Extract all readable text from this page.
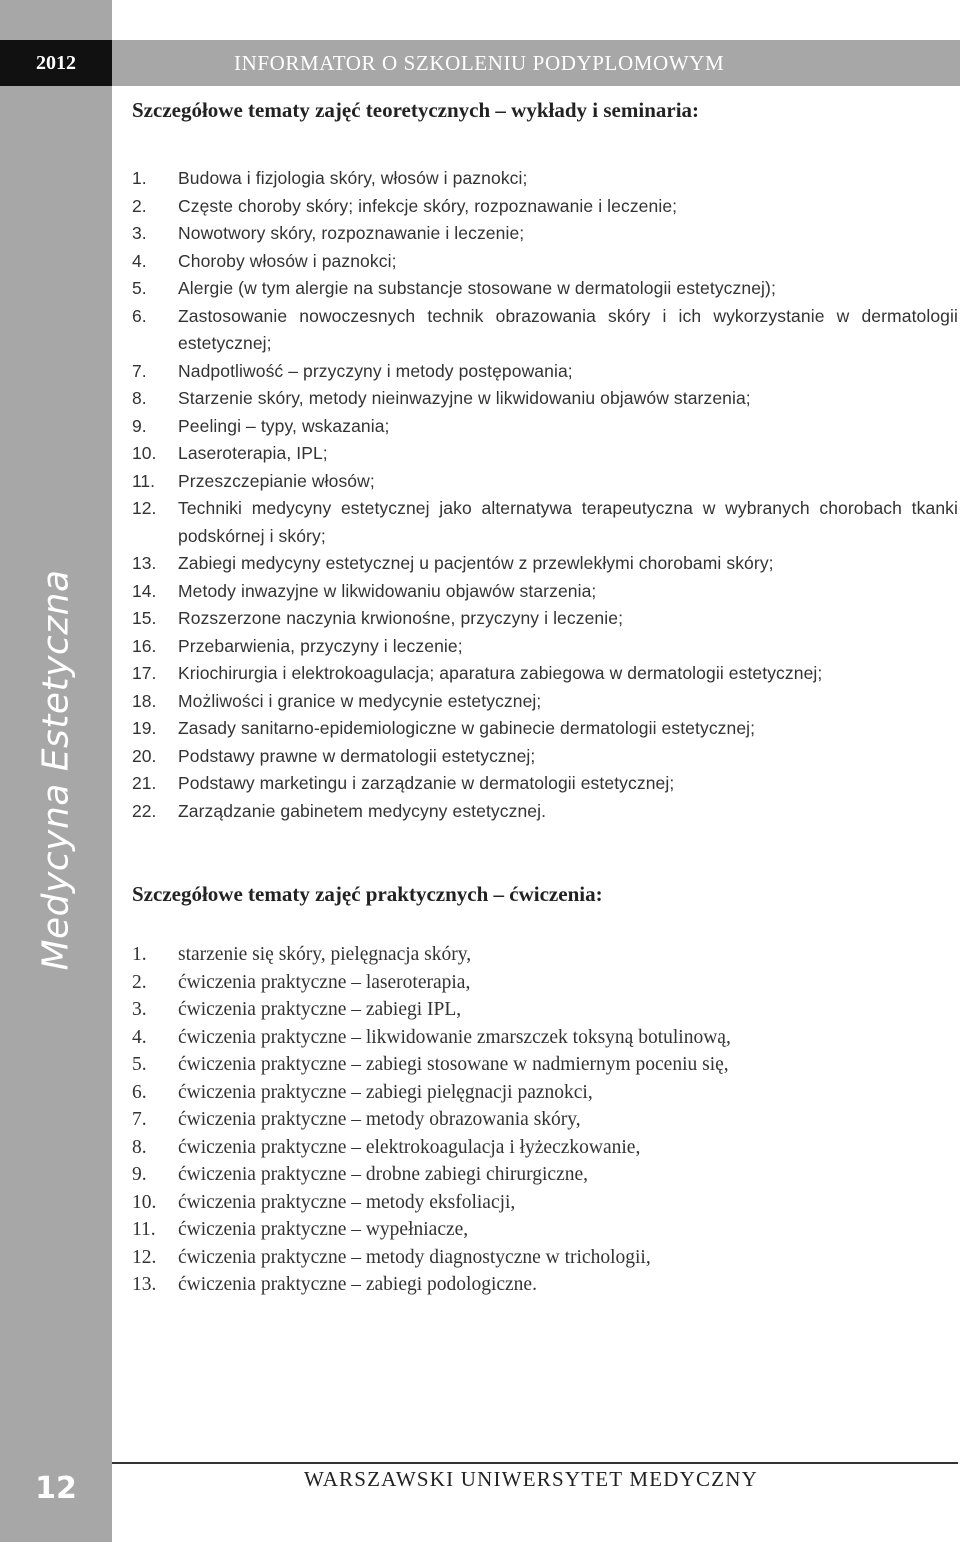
2012
Medycyna Estetyczna
12
INFORMATOR O SZKOLENIU PODYPLOMOWYM
Szczegółowe tematy zajęć teoretycznych – wykłady i seminaria:
1.	Budowa i fizjologia skóry, włosów i paznokci;
2.	Częste choroby skóry; infekcje skóry, rozpoznawanie i leczenie;
3.	Nowotwory skóry, rozpoznawanie i leczenie;
4.	Choroby włosów i paznokci;
5.	Alergie (w tym alergie na substancje stosowane w dermatologii estetycznej);
6.	Zastosowanie nowoczesnych technik obrazowania skóry i ich wykorzystanie w dermatologii estetycznej;
7.	Nadpotliwość – przyczyny i metody postępowania;
8.	Starzenie skóry, metody nieinwazyjne w likwidowaniu objawów starzenia;
9.	Peelingi – typy, wskazania;
10.	Laseroterapia, IPL;
11.	Przeszczepianie włosów;
12.	Techniki medycyny estetycznej jako alternatywa terapeutyczna w wybranych chorobach tkanki podskórnej i skóry;
13.	Zabiegi medycyny estetycznej u pacjentów z przewlekłymi chorobami skóry;
14.	Metody inwazyjne w likwidowaniu objawów starzenia;
15.	Rozszerzone naczynia krwionośne, przyczyny i leczenie;
16.	Przebarwienia, przyczyny i leczenie;
17.	Kriochirurgia i elektrokoagulacja; aparatura zabiegowa w dermatologii estetycznej;
18.	Możliwości i granice w medycynie estetycznej;
19.	Zasady sanitarno-epidemiologiczne w gabinecie dermatologii estetycznej;
20.	Podstawy prawne w dermatologii estetycznej;
21.	Podstawy marketingu i zarządzanie w dermatologii estetycznej;
22.	Zarządzanie gabinetem medycyny estetycznej.
Szczegółowe tematy zajęć praktycznych – ćwiczenia:
1.	starzenie się skóry, pielęgnacja skóry,
2.	ćwiczenia praktyczne – laseroterapia,
3.	ćwiczenia praktyczne – zabiegi IPL,
4.	ćwiczenia praktyczne – likwidowanie zmarszczek toksyną botulinową,
5.	ćwiczenia praktyczne – zabiegi stosowane w nadmiernym poceniu się,
6.	ćwiczenia praktyczne – zabiegi pielęgnacji paznokci,
7.	ćwiczenia praktyczne – metody obrazowania skóry,
8.	ćwiczenia praktyczne – elektrokoagulacja i łyżeczkowanie,
9.	ćwiczenia praktyczne – drobne zabiegi chirurgiczne,
10.	ćwiczenia praktyczne – metody eksfoliacji,
11.	ćwiczenia praktyczne – wypełniacze,
12.	ćwiczenia praktyczne – metody diagnostyczne w trichologii,
13.	ćwiczenia praktyczne – zabiegi podologiczne.
WARSZAWSKI UNIWERSYTET MEDYCZNY
